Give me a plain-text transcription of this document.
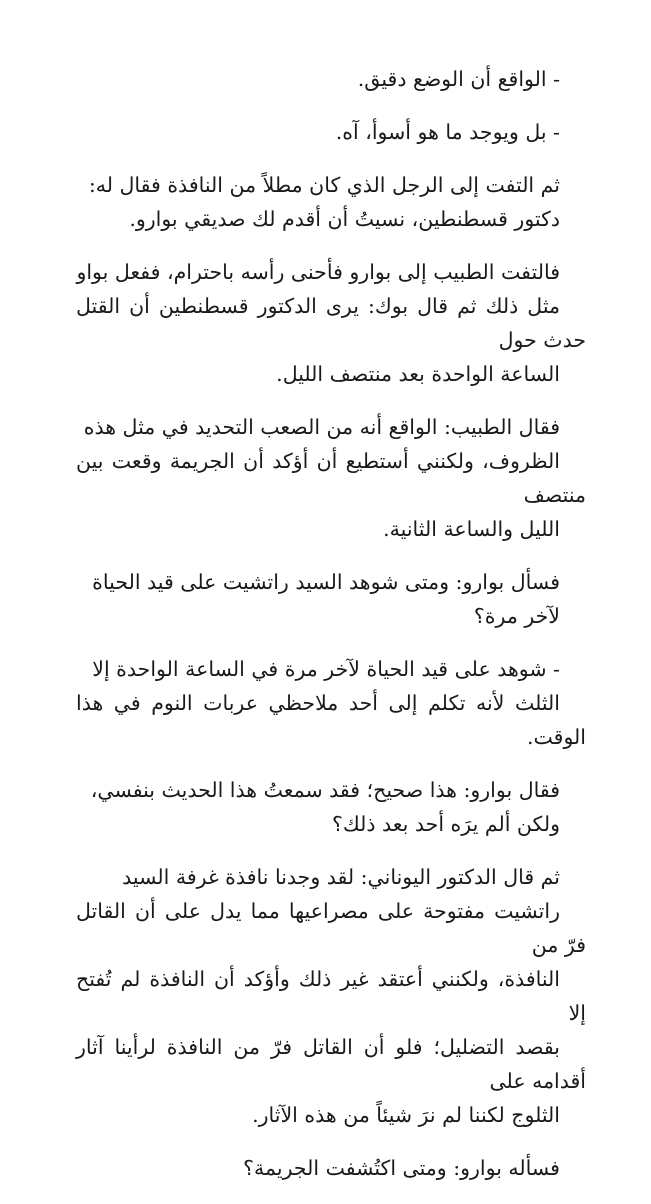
- الواقع أن الوضع دقيق.

- بل ويوجد ما هو أسوأ، آه.

ثم التفت إلى الرجل الذي كان مطلاً من النافذة فقال له:
دكتور قسطنطين، نسيتُ أن أقدم لك صديقي بوارو.

فالتفت الطبيب إلى بوارو فأحنى رأسه باحترام، ففعل بواو
مثل ذلك ثم قال بوك: يرى الدكتور قسطنطين أن القتل حدث حول
الساعة الواحدة بعد منتصف الليل.

فقال الطبيب: الواقع أنه من الصعب التحديد في مثل هذه
الظروف، ولكنني أستطيع أن أؤكد أن الجريمة وقعت بين منتصف
الليل والساعة الثانية.

فسأل بوارو: ومتى شوهد السيد راتشيت على قيد الحياة
لآخر مرة؟

- شوهد على قيد الحياة لآخر مرة في الساعة الواحدة إلا
الثلث لأنه تكلم إلى أحد ملاحظي عربات النوم في هذا الوقت.

فقال بوارو: هذا صحيح؛ فقد سمعتُ هذا الحديث بنفسي،
ولكن ألم يرَه أحد بعد ذلك؟

ثم قال الدكتور اليوناني: لقد وجدنا نافذة غرفة السيد
راتشيت مفتوحة على مصراعيها مما يدل على أن القاتل فرّ من
النافذة، ولكنني أعتقد غير ذلك وأؤكد أن النافذة لم تُفتح إلا
بقصد التضليل؛ فلو أن القاتل فرّ من النافذة لرأينا آثار أقدامه على
الثلوج لكننا لم نرَ شيئاً من هذه الآثار.

فسأله بوارو: ومتى اكتُشفت الجريمة؟
